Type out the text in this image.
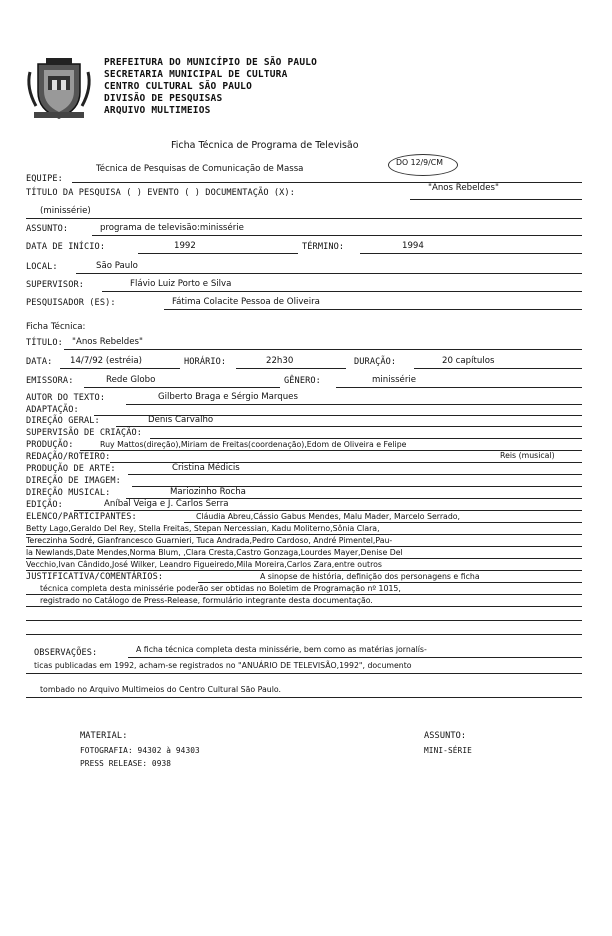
PREFEITURA DO MUNICÍPIO DE SÃO PAULO
SECRETARIA MUNICIPAL DE CULTURA
CENTRO CULTURAL SÃO PAULO
DIVISÃO DE PESQUISAS
ARQUIVO MULTIMEIOS
Ficha Técnica de Programa de Televisão
DO 12/9/CM
EQUIPE:
Técnica de Pesquisas de Comunicação de Massa
TÍTULO DA PESQUISA ( ) EVENTO ( ) DOCUMENTAÇÃO (X):	"Anos Rebeldes"
(minissérie)
ASSUNTO:	programa de televisão:minissérie
DATA DE INÍCIO:	1992	TÉRMINO:	1994
LOCAL:	São Paulo
SUPERVISOR:	Flávio Luiz Porto e Silva
PESQUISADOR (ES):	Fátima Colacite Pessoa de Oliveira
Ficha Técnica:
TÍTULO: "Anos Rebeldes"
DATA: 14/7/92 (estréia)	HORÁRIO:	22h30	DURAÇÃO:	20 capítulos
EMISSORA:	Rede Globo	GÊNERO:	minissérie
AUTOR DO TEXTO:	Gilberto Braga e Sérgio Marques
ADAPTAÇÃO:
DIREÇÃO GERAL:	Denis Carvalho
SUPERVISÃO DE CRIAÇÃO:
PRODUÇÃO:	Ruy Mattos(direção),Miriam de Freitas(coordenação),Edom de Oliveira e Felipe
REDAÇÃO/ROTEIRO:	Reis (musical)
PRODUÇÃO DE ARTE:	Cristina Médicis
DIREÇÃO DE IMAGEM:
DIREÇÃO MUSICAL:	Mariozinho Rocha
EDIÇÃO:	Aníbal Veiga e J. Carlos Serra
ELENCO/PARTICIPANTES:	Cláudia Abreu,Cássio Gabus Mendes, Malu Mader, Marcelo Serrado,
Betty Lago,Geraldo Del Rey, Stella Freitas, Stepan Nercessian, Kadu Moliterno,Sônia Clara,
Tereczinha Sodré, Gianfrancesco Guarnieri, Tuca Andrada,Pedro Cardoso, André Pimentel,Pau-
la Newlands,Date Mendes,Norma Blum, ,Clara Cresta,Castro Gonzaga,Lourdes Mayer,Denise Del
Vecchio,Ivan Cândido,José Wilker, Leandro Figueiredo,Mila Moreira,Carlos Zara,entre outros
JUSTIFICATIVA/COMENTÁRIOS:	A sinopse de história, definição dos personagens e ficha
técnica completa desta minissérie poderão ser obtidas no Boletim de Programação nº 1015,
registrado no Catálogo de Press-Release, formulário integrante desta documentação.
OBSERVAÇÕES:	A ficha técnica completa desta minissérie, bem como as matérias jornalís-
ticas publicadas em 1992, acham-se registrados no "ANUÁRIO DE TELEVISÃO,1992", documento
tombado no Arquivo Multimeios do Centro Cultural São Paulo.
MATERIAL:
FOTOGRAFIA: 94302 à 94303
PRESS RELEASE: 0938
ASSUNTO:
MINI-SÉRIE
